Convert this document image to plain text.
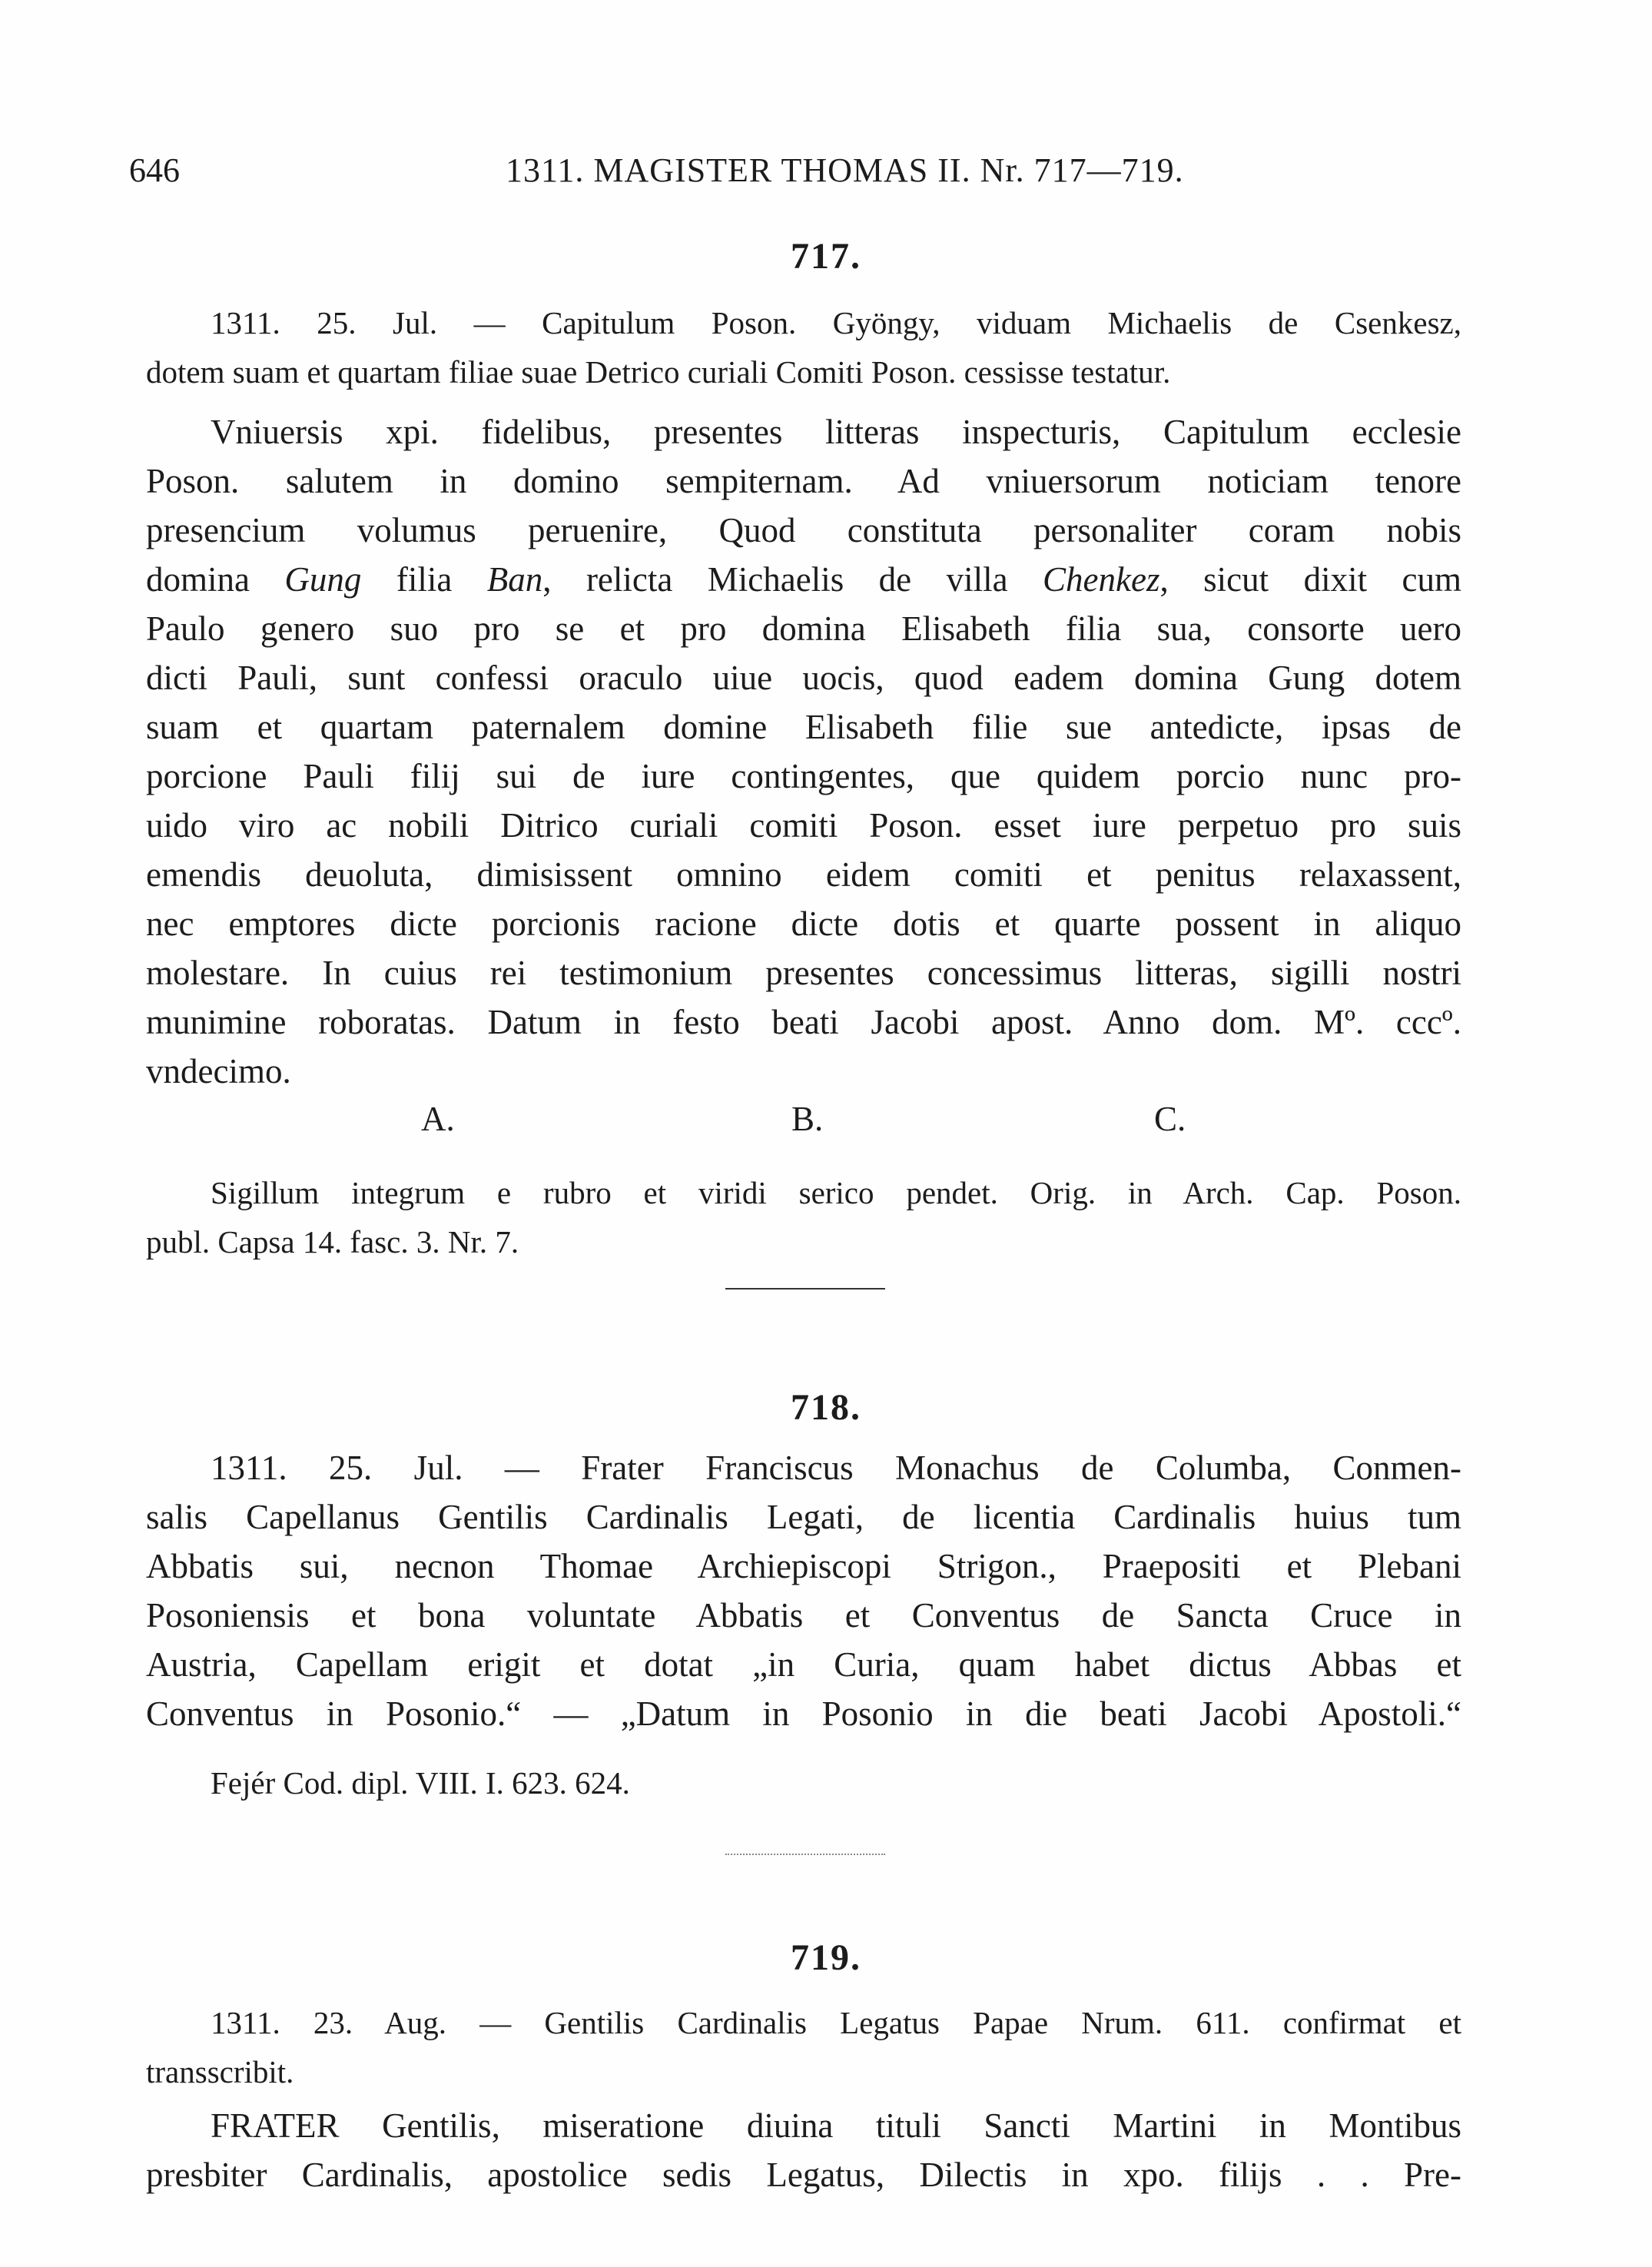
646	1311. MAGISTER THOMAS II. Nr. 717—719.
717.
1311. 25. Jul. — Capitulum Poson. Gyöngy, viduam Michaelis de Csenkesz,
dotem suam et quartam filiae suae Detrico curiali Comiti Poson. cessisse testatur.
Vniuersis xpi. fidelibus, presentes litteras inspecturis, Capitulum ecclesie
Poson. salutem in domino sempiternam. Ad vniuersorum noticiam tenore
presencium volumus peruenire, Quod constituta personaliter coram nobis
domina Gung filia Ban, relicta Michaelis de villa Chenkez, sicut dixit cum
Paulo genero suo pro se et pro domina Elisabeth filia sua, consorte uero
dicti Pauli, sunt confessi oraculo uiue uocis, quod eadem domina Gung dotem
suam et quartam paternalem domine Elisabeth filie sue antedicte, ipsas de
porcione Pauli filij sui de iure contingentes, que quidem porcio nunc pro-
uido viro ac nobili Ditrico curiali comiti Poson. esset iure perpetuo pro suis
emendis deuoluta, dimisissent omnino eidem comiti et penitus relaxassent,
nec emptores dicte porcionis racione dicte dotis et quarte possent in aliquo
molestare. In cuius rei testimonium presentes concessimus litteras, sigilli nostri
munimine roboratas. Datum in festo beati Jacobi apost. Anno dom. Mº. cccº.
vndecimo.
A.	B.	C.
Sigillum integrum e rubro et viridi serico pendet. Orig. in Arch. Cap. Poson.
publ. Capsa 14. fasc. 3. Nr. 7.
718.
1311. 25. Jul. — Frater Franciscus Monachus de Columba, Conmen-
salis Capellanus Gentilis Cardinalis Legati, de licentia Cardinalis huius tum
Abbatis sui, necnon Thomae Archiepiscopi Strigon., Praepositi et Plebani
Posoniensis et bona voluntate Abbatis et Conventus de Sancta Cruce in
Austria, Capellam erigit et dotat „in Curia, quam habet dictus Abbas et
Conventus in Posonio.“ — „Datum in Posonio in die beati Jacobi Apostoli.“
Fejér Cod. dipl. VIII. I. 623. 624.
719.
1311. 23. Aug. — Gentilis Cardinalis Legatus Papae Nrum. 611. confirmat et
transscribit.
FRATER Gentilis, miseratione diuina tituli Sancti Martini in Montibus
presbiter Cardinalis, apostolice sedis Legatus, Dilectis in xpo. filijs . . Pre-
